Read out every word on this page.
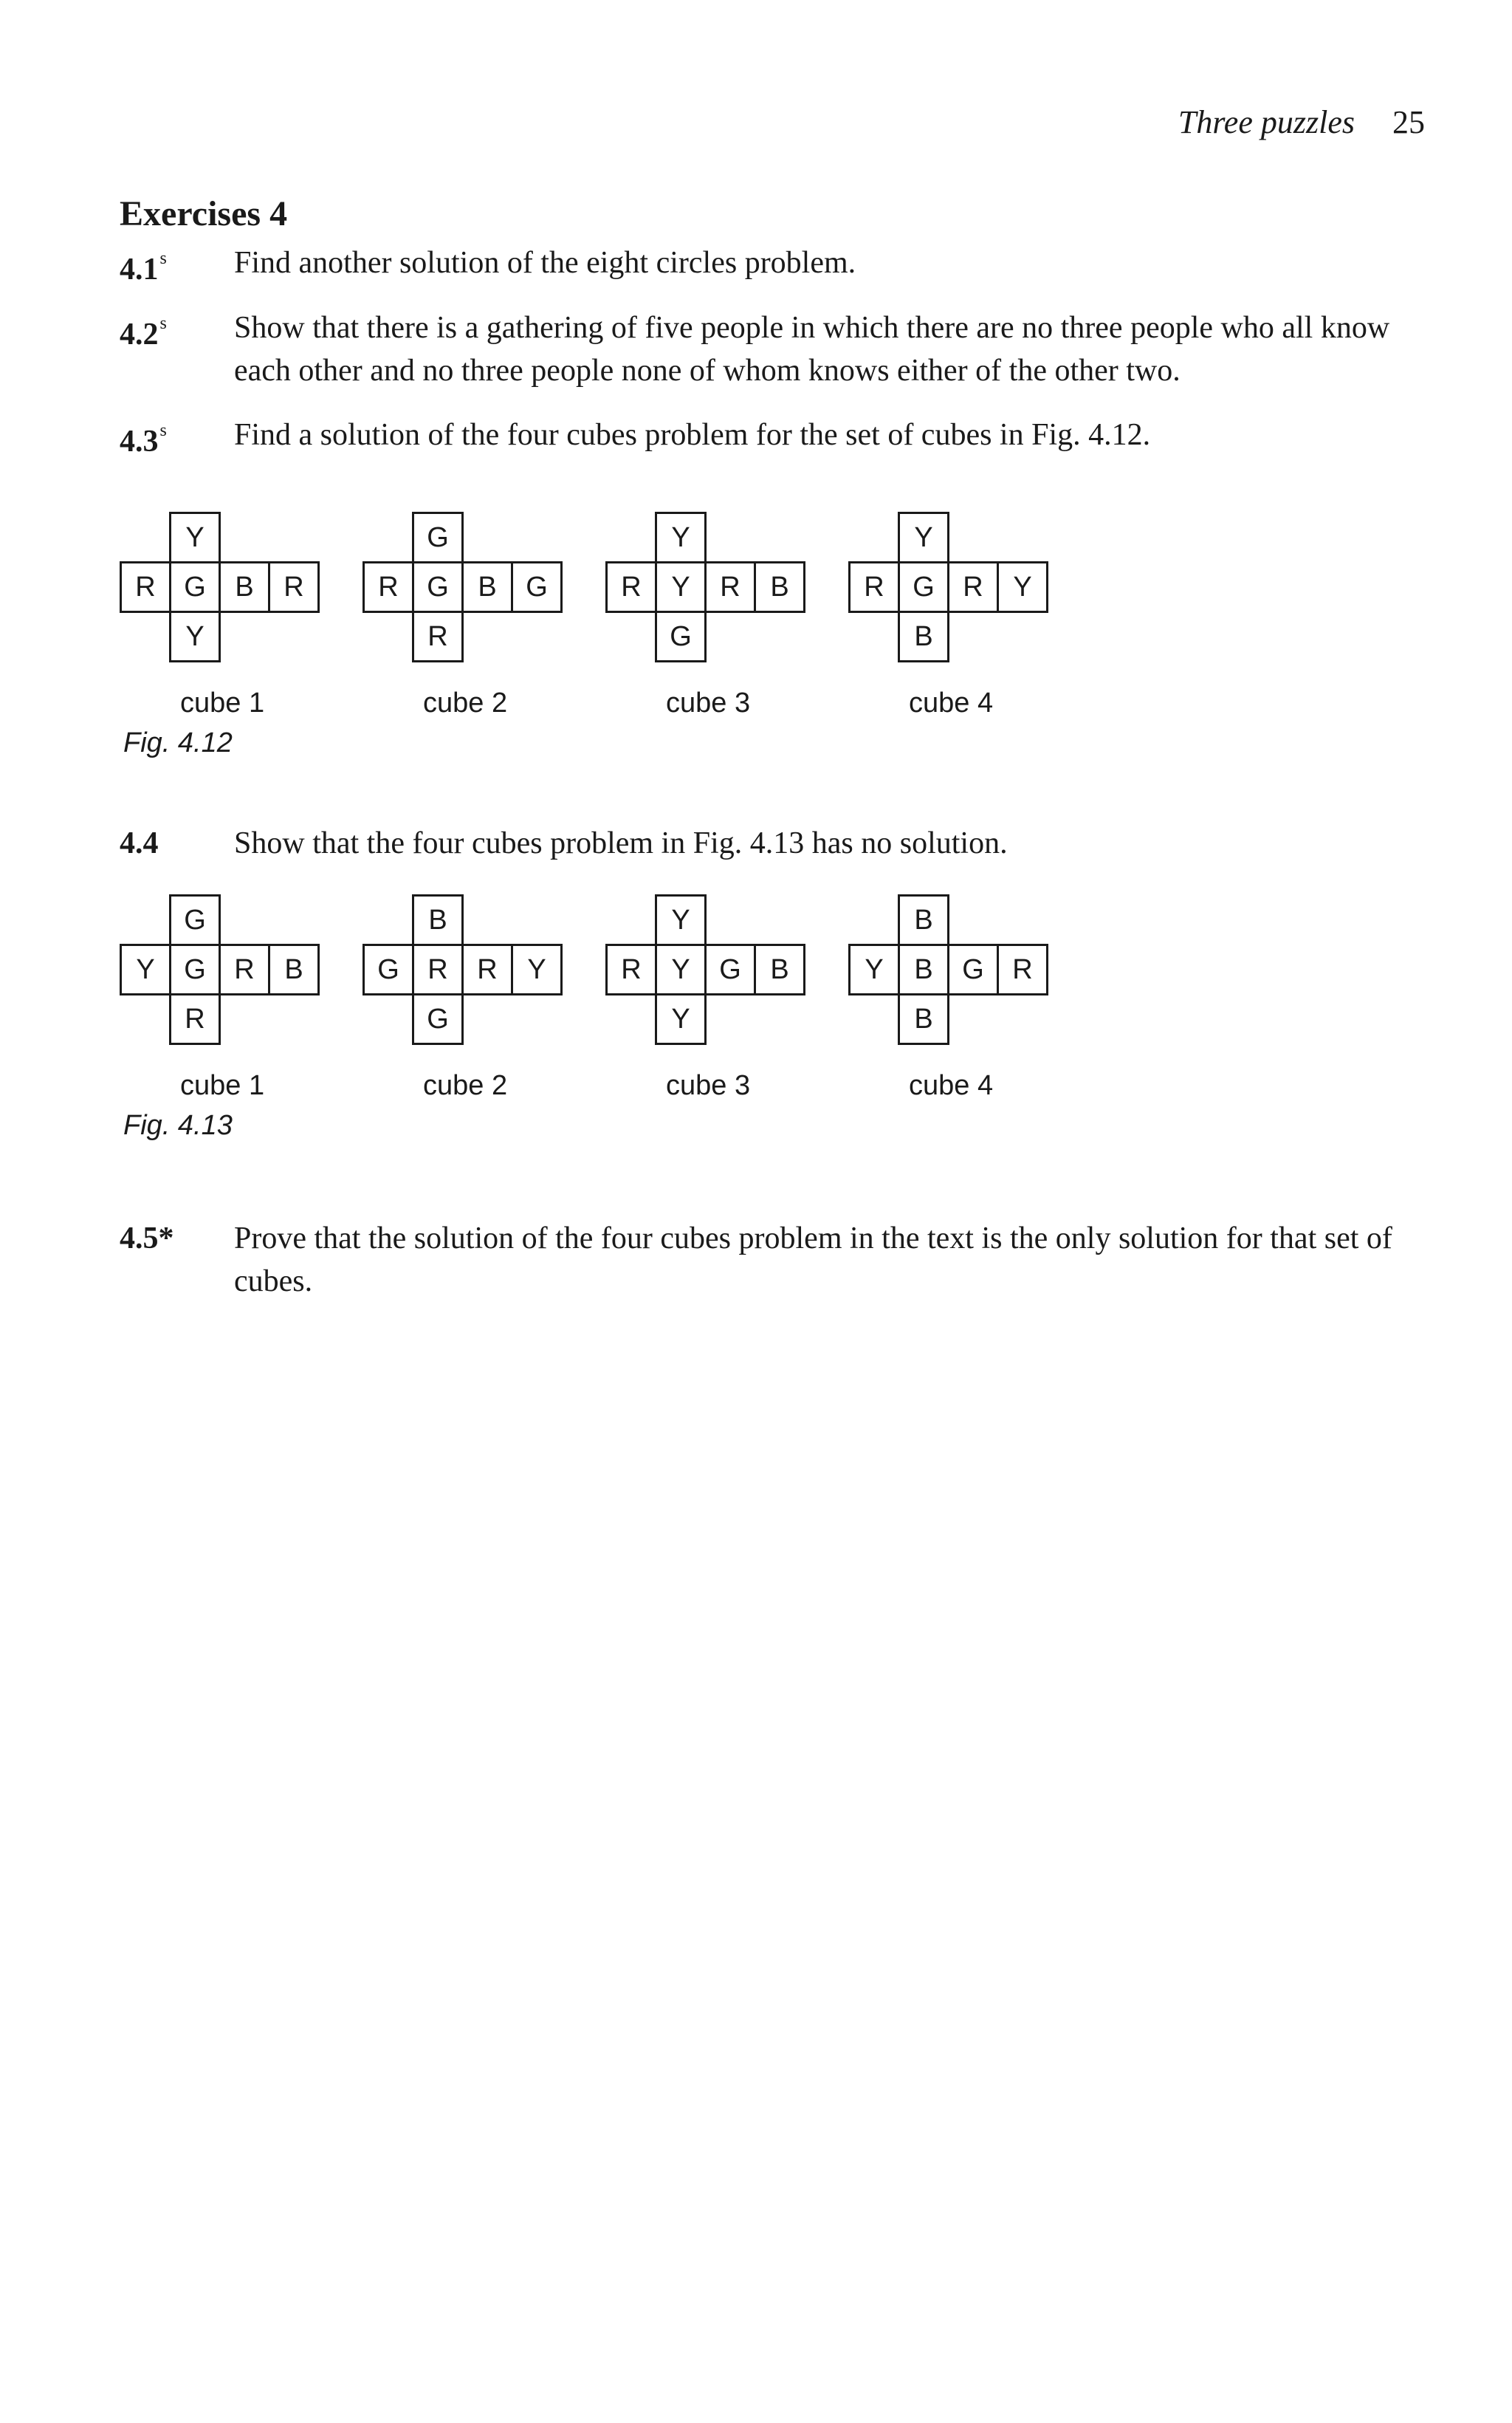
Three puzzles 25
Exercises 4
4.1$^s$ Find another solution of the eight circles problem.
4.2$^s$ Show that there is a gathering of five people in which there are no three people who all know each other and no three people none of whom knows either of the other two.
4.3$^s$ Find a solution of the four cubes problem for the set of cubes in Fig. 4.12.
Fig. 4.12
Y
R	G	B	R
Y
cube 1
G
R	G	B	G
R
cube 2
Y
R	Y	R	B
G
cube 3
Y
R	G	R	Y
B
cube 4
4.4 Show that the four cubes problem in Fig. 4.13 has no solution.
Fig. 4.13
G
Y	G	R	B
R
cube 1
B
G	R	R	Y
G
cube 2
Y
R	Y	G	B
Y
cube 3
B
Y	B	G	R
B
cube 4
4.5* Prove that the solution of the four cubes problem in the text is the only solution for that set of cubes.
